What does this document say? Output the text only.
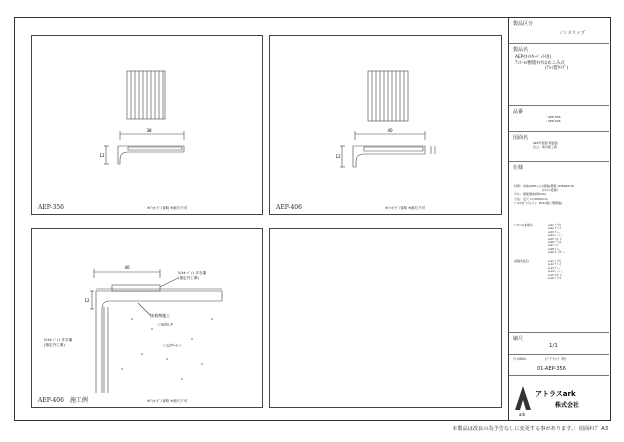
38
12
AEP-356	※ｱﾝｶｰﾋﾟﾝ省略 ※縮尺不可
40
12
AEP-406	※ｱﾝｶｰﾋﾟﾝ省略 ※縮尺不可
40
12
ﾀｲﾙｶｰﾍﾟｯﾄ 歩き場
(指定外工事)
ﾀｲﾙｶｰﾍﾟｯﾄ 歩き場
(指定外工事)
接着剤施工
＜ﾓﾙﾀﾙ＞
＜ｺﾝｸﾘｰﾄ＞
AEP-406　施工例	※ｱﾝｶｰﾋﾟﾝ省略 ※縮尺不可
製品区分
ノンスリップ
製品名
AEP(ﾀｲﾙｶｰﾍﾟｯﾄ用)
ｱﾝｺｰﾙ/樹脂ﾀｲﾔはめこみ式
(ｱﾙﾐ製ﾀｲﾌﾟ)
品番
・AEP-356
・AEP-406
図面名
AEP平面図 断面図
及び、取付施工例
仕様
材質：本体(AEP-○○)樹脂(硬質 AH6063-T5
(ｱﾙﾏｲﾄ処理)
ｱﾝｶｰ：樹脂製(軟質PVC)
寸法：定尺 L=3000mm
ﾌﾞﾛｯｸ(ｶﾞﾗｽ入り)：PVC(塩ビ製樹脂)
ﾌﾟﾛﾌｧｲﾙ(本体色)	a-01 ﾌﾞﾗｳﾝ
a-02 ｸﾞﾘｰﾝ
a-03 ｸﾞﾚｰ
a-04 ﾍﾞｰｼﾞｭ
a-05 ｱｲﾎﾞﾘｰ
a-06 ﾌﾞﾗｯｸ
a-07 ﾚｯﾄﾞ
a-08 ﾌﾞﾙｰ
a-09 ﾀﾞｰｸｸﾞﾚｰ
(樹脂色指定)	a-11 ﾌﾞﾗｳﾝ
a-12 ｸﾞﾘｰﾝ
a-13 ｸﾞﾚｰ
a-14 ﾍﾞｰｼﾞｭ
a-15 ｱｲﾎﾞﾘｰ
a-16 ﾌﾞﾗｯｸ
縮尺
1/1
ﾌｧｲﾙNO.	(ﾃﾞｸﾞｳｫｰﾄﾞ 時)
01-AEP-356
アトラスark
株式会社
ark
本製品は改良の為予告なしに変更する事があります。：図面ﾀｲﾌﾟ A3
